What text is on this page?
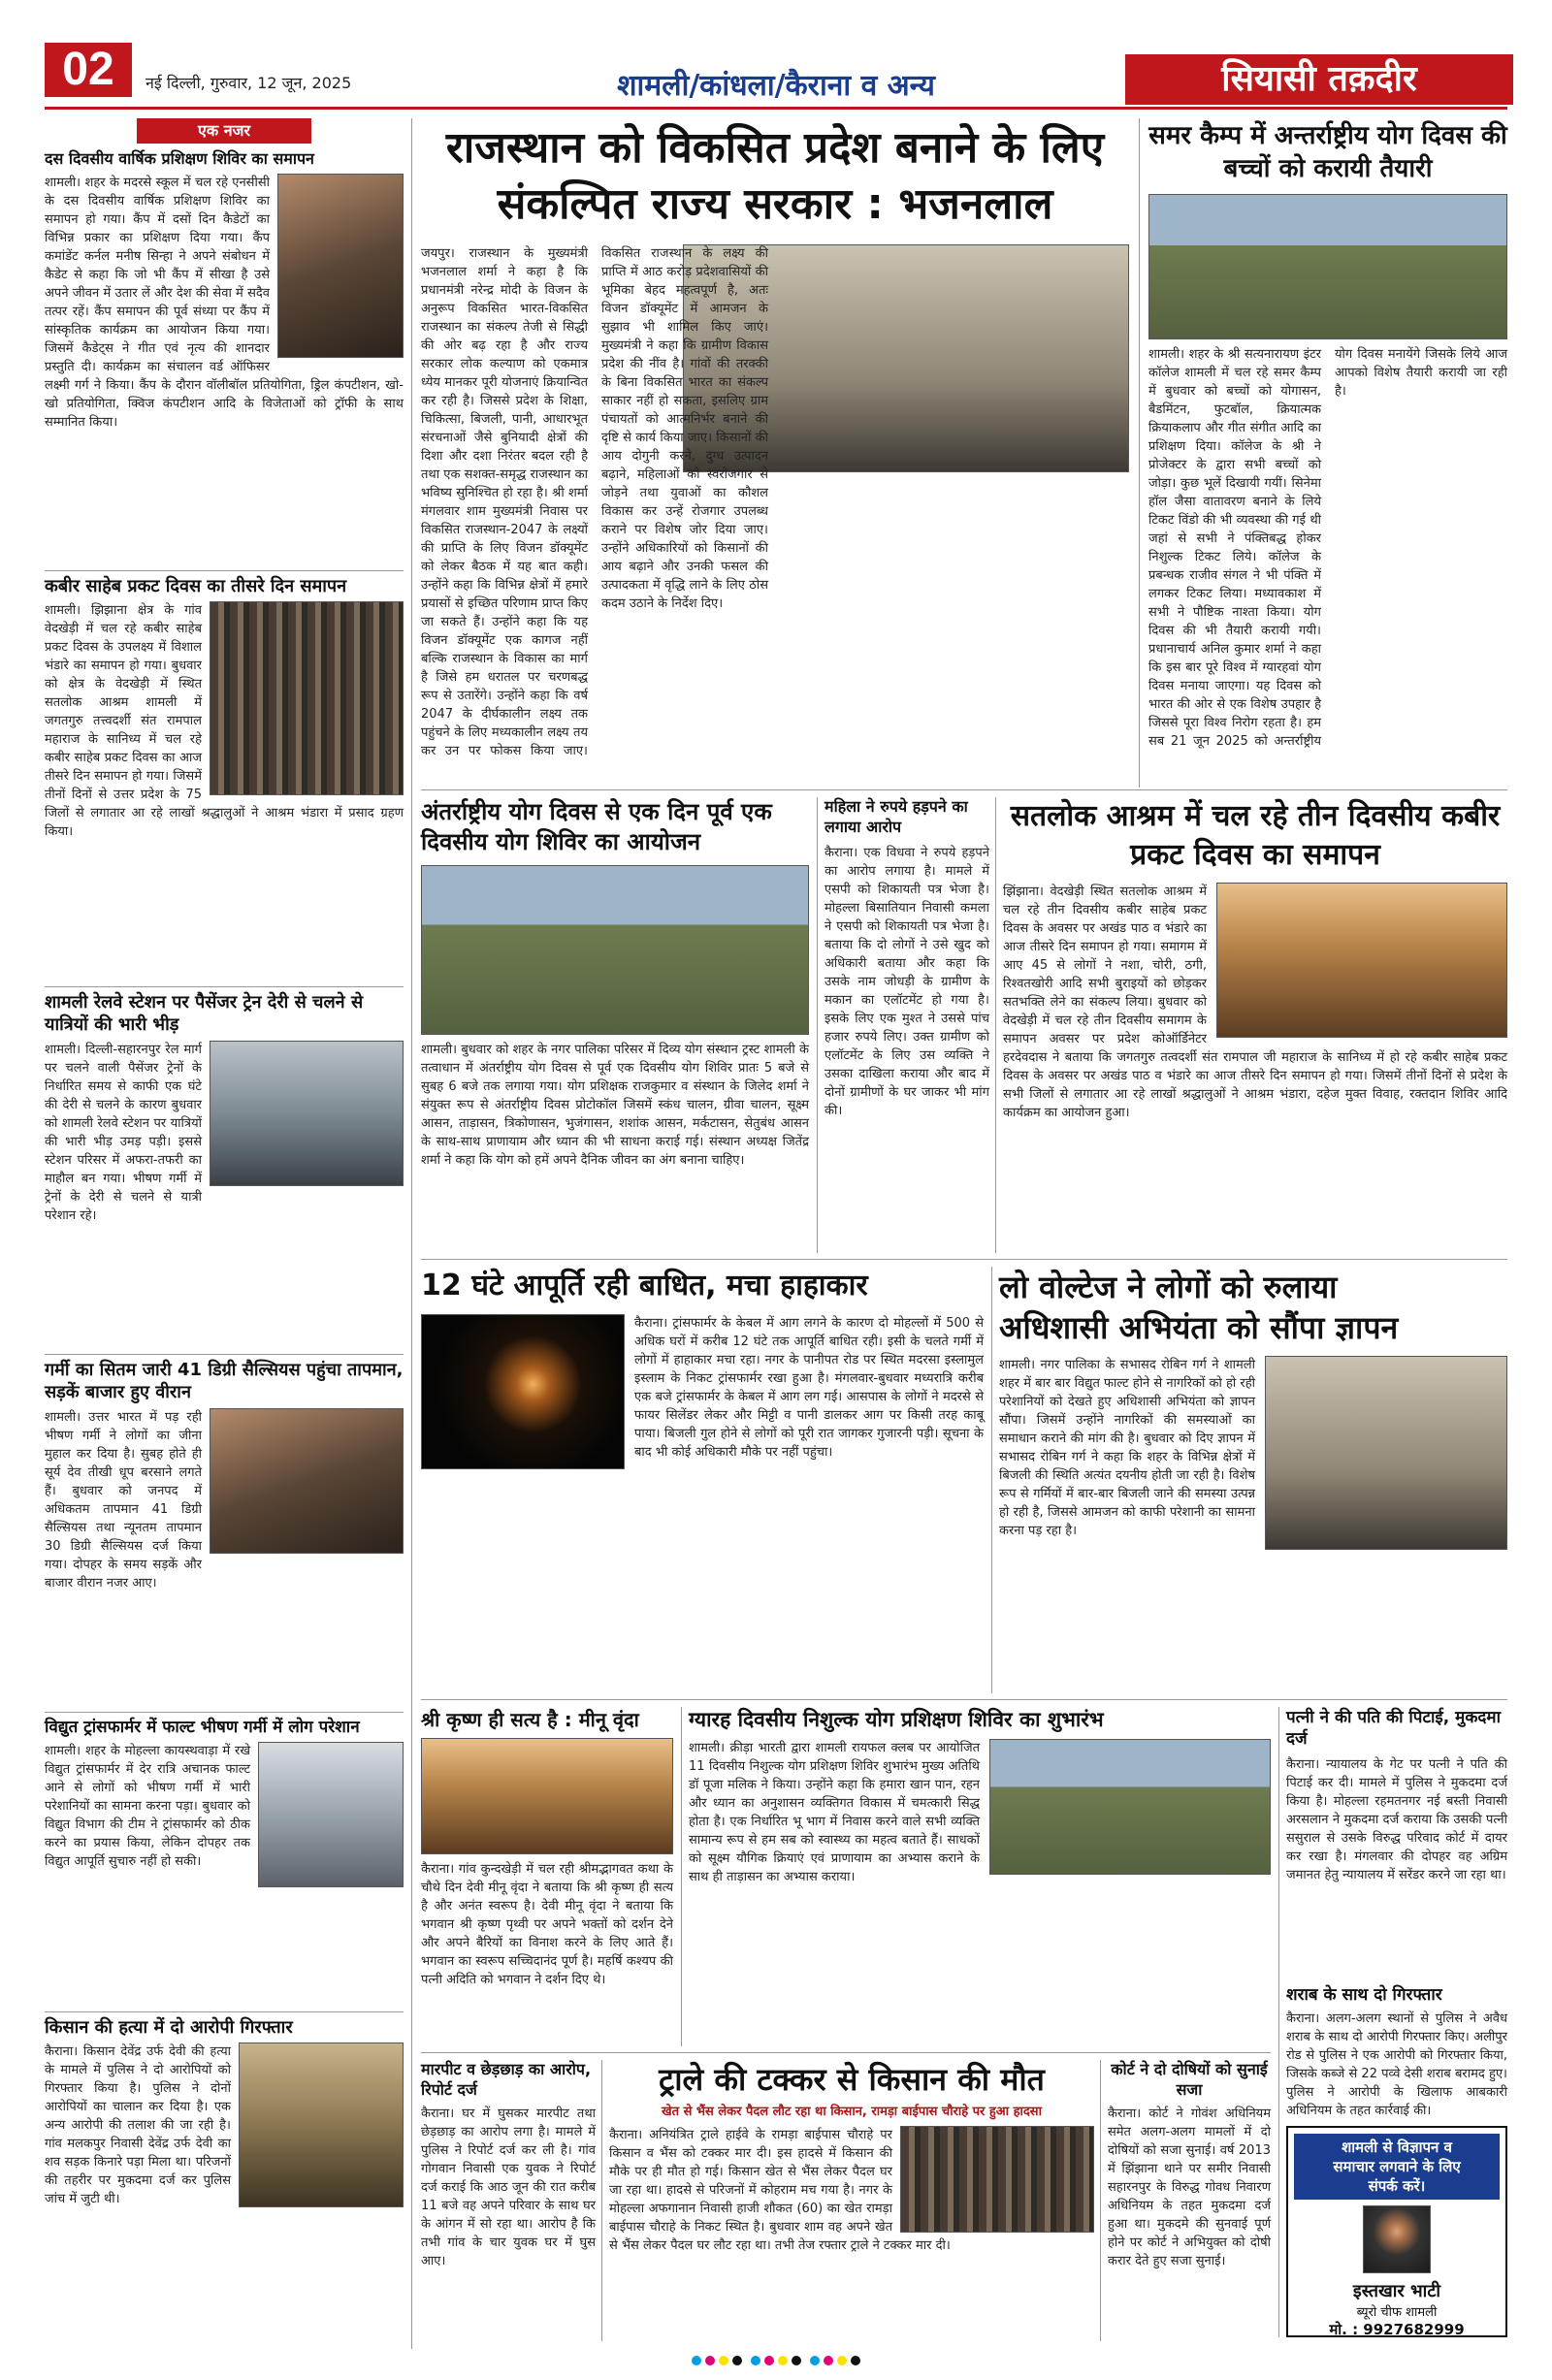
02	नई दिल्ली, गुरुवार, 12 जून, 2025	शामली/कांधला/कैराना व अन्य	सियासी तक़दीर
एक नजर
दस दिवसीय वार्षिक प्रशिक्षण शिविर का समापन
शामली। शहर के मदरसे स्कूल में चल रहे एनसीसी के दस दिवसीय वार्षिक प्रशिक्षण शिविर का समापन हो गया। कैंप में दसों दिन कैडेटों का विभिन्न प्रकार का प्रशिक्षण दिया गया। कैंप कमांडेंट कर्नल मनीष सिन्हा ने अपने संबोधन में कैडेट से कहा कि जो भी कैंप में सीखा है उसे अपने जीवन में उतार लें और देश की सेवा में सदैव तत्पर रहें। कैंप समापन की पूर्व संध्या पर कैंप में सांस्कृतिक कार्यक्रम का आयोजन किया गया। जिसमें कैडेट्स ने गीत एवं नृत्य की शानदार प्रस्तुति दी। कार्यक्रम का संचालन वर्ड ऑफिसर लक्ष्मी गर्ग ने किया। कैंप के दौरान वॉलीबॉल प्रतियोगिता, ड्रिल कंपटीशन, खो-खो प्रतियोगिता, क्विज कंपटीशन आदि के विजेताओं को ट्रॉफी के साथ सम्मानित किया।
कबीर साहेब प्रकट दिवस का तीसरे दिन समापन
शामली। झिझाना क्षेत्र के गांव वेदखेड़ी में चल रहे कबीर साहेब प्रकट दिवस के उपलक्ष्य में विशाल भंडारे का समापन हो गया। बुधवार को क्षेत्र के वेदखेड़ी में स्थित सतलोक आश्रम शामली में जगतगुरु तत्त्वदर्शी संत रामपाल महाराज के सानिध्य में चल रहे कबीर साहेब प्रकट दिवस का आज तीसरे दिन समापन हो गया। जिसमें तीनों दिनों से उत्तर प्रदेश के 75 जिलों से लगातार आ रहे लाखों श्रद्धालुओं ने आश्रम भंडारा में प्रसाद ग्रहण किया।
शामली रेलवे स्टेशन पर पैसेंजर ट्रेन देरी से चलने से यात्रियों की भारी भीड़
शामली। दिल्ली-सहारनपुर रेल मार्ग पर चलने वाली पैसेंजर ट्रेनों के निर्धारित समय से काफी एक घंटे की देरी से चलने के कारण बुधवार को शामली रेलवे स्टेशन पर यात्रियों की भारी भीड़ उमड़ पड़ी। इससे स्टेशन परिसर में अफरा-तफरी का माहौल बन गया। भीषण गर्मी में ट्रेनों के देरी से चलने से यात्री परेशान रहे।
गर्मी का सितम जारी 41 डिग्री सैल्सियस पहुंचा तापमान, सड़कें बाजार हुए वीरान
शामली। उत्तर भारत में पड़ रही भीषण गर्मी ने लोगों का जीना मुहाल कर दिया है। सुबह होते ही सूर्य देव तीखी धूप बरसाने लगते हैं। बुधवार को जनपद में अधिकतम तापमान 41 डिग्री सैल्सियस तथा न्यूनतम तापमान 30 डिग्री सैल्सियस दर्ज किया गया। दोपहर के समय सड़कें और बाजार वीरान नजर आए।
विद्युत ट्रांसफार्मर में फाल्ट भीषण गर्मी में लोग परेशान
शामली। शहर के मोहल्ला कायस्थवाड़ा में रखे विद्युत ट्रांसफार्मर में देर रात्रि अचानक फाल्ट आने से लोगों को भीषण गर्मी में भारी परेशानियों का सामना करना पड़ा। बुधवार को विद्युत विभाग की टीम ने ट्रांसफार्मर को ठीक करने का प्रयास किया, लेकिन दोपहर तक विद्युत आपूर्ति सुचारु नहीं हो सकी।
किसान की हत्या में दो आरोपी गिरफ्तार
कैराना। किसान देवेंद्र उर्फ देवी की हत्या के मामले में पुलिस ने दो आरोपियों को गिरफ्तार किया है। पुलिस ने दोनों आरोपियों का चालान कर दिया है। एक अन्य आरोपी की तलाश की जा रही है। गांव मलकपुर निवासी देवेंद्र उर्फ देवी का शव सड़क किनारे पड़ा मिला था। परिजनों की तहरीर पर मुकदमा दर्ज कर पुलिस जांच में जुटी थी।
राजस्थान को विकसित प्रदेश बनाने के लिए
संकल्पित राज्य सरकार : भजनलाल
जयपुर। राजस्थान के मुख्यमंत्री भजनलाल शर्मा ने कहा है कि प्रधानमंत्री नरेन्द्र मोदी के विजन के अनुरूप विकसित भारत-विकसित राजस्थान का संकल्प तेजी से सिद्धी की ओर बढ़ रहा है और राज्य सरकार लोक कल्याण को एकमात्र ध्येय मानकर पूरी योजनाएं क्रियान्वित कर रही है। जिससे प्रदेश के शिक्षा, चिकित्सा, बिजली, पानी, आधारभूत संरचनाओं जैसे बुनियादी क्षेत्रों की दिशा और दशा निरंतर बदल रही है तथा एक सशक्त-समृद्ध राजस्थान का भविष्य सुनिश्चित हो रहा है। श्री शर्मा मंगलवार शाम मुख्यमंत्री निवास पर विकसित राजस्थान-2047 के लक्ष्यों की प्राप्ति के लिए विजन डॉक्यूमेंट को लेकर बैठक में यह बात कही। उन्होंने कहा कि विभिन्न क्षेत्रों में हमारे प्रयासों से इच्छित परिणाम प्राप्त किए जा सकते हैं। उन्होंने कहा कि यह विजन डॉक्यूमेंट एक कागज नहीं बल्कि राजस्थान के विकास का मार्ग है जिसे हम धरातल पर चरणबद्ध रूप से उतारेंगे। उन्होंने कहा कि वर्ष 2047 के दीर्घकालीन लक्ष्य तक पहुंचने के लिए मध्यकालीन लक्ष्य तय कर उन पर फोकस किया जाए। विकसित राजस्थान के लक्ष्य की प्राप्ति में आठ करोड़ प्रदेशवासियों की भूमिका बेहद महत्वपूर्ण है, अतः विजन डॉक्यूमेंट में आमजन के सुझाव भी शामिल किए जाएं। मुख्यमंत्री ने कहा कि ग्रामीण विकास प्रदेश की नींव है। गांवों की तरक्की के बिना विकसित भारत का संकल्प साकार नहीं हो सकता, इसलिए ग्राम पंचायतों को आत्मनिर्भर बनाने की दृष्टि से कार्य किया जाए। किसानों की आय दोगुनी करने, दुग्ध उत्पादन बढ़ाने, महिलाओं को स्वरोजगार से जोड़ने तथा युवाओं का कौशल विकास कर उन्हें रोजगार उपलब्ध कराने पर विशेष जोर दिया जाए। उन्होंने अधिकारियों को किसानों की आय बढ़ाने और उनकी फसल की उत्पादकता में वृद्धि लाने के लिए ठोस कदम उठाने के निर्देश दिए।
समर कैम्प में अन्तर्राष्ट्रीय योग दिवस की बच्चों को करायी तैयारी
शामली। शहर के श्री सत्यनारायण इंटर कॉलेज शामली में चल रहे समर कैम्प में बुधवार को बच्चों को योगासन, बैडमिंटन, फुटबॉल, क्रियात्मक क्रियाकलाप और गीत संगीत आदि का प्रशिक्षण दिया। कॉलेज के श्री ने प्रोजेक्टर के द्वारा सभी बच्चों को जोड़ा। कुछ भूलें दिखायी गयीं। सिनेमा हॉल जैसा वातावरण बनाने के लिये टिकट विंडो की भी व्यवस्था की गई थी जहां से सभी ने पंक्तिबद्ध होकर निशुल्क टिकट लिये। कॉलेज के प्रबन्धक राजीव संगल ने भी पंक्ति में लगकर टिकट लिया। मध्यावकाश में सभी ने पौष्टिक नाश्ता किया। योग दिवस की भी तैयारी करायी गयी। प्रधानाचार्य अनिल कुमार शर्मा ने कहा कि इस बार पूरे विश्व में ग्यारहवां योग दिवस मनाया जाएगा। यह दिवस को भारत की ओर से एक विशेष उपहार है जिससे पूरा विश्व निरोग रहता है। हम सब 21 जून 2025 को अन्तर्राष्ट्रीय योग दिवस मनायेंगे जिसके लिये आज आपको विशेष तैयारी करायी जा रही है।
अंतर्राष्ट्रीय योग दिवस से एक दिन पूर्व एक दिवसीय योग शिविर का आयोजन
शामली। बुधवार को शहर के नगर पालिका परिसर में दिव्य योग संस्थान ट्रस्ट शामली के तत्वाधान में अंतर्राष्ट्रीय योग दिवस से पूर्व एक दिवसीय योग शिविर प्रातः 5 बजे से सुबह 6 बजे तक लगाया गया। योग प्रशिक्षक राजकुमार व संस्थान के जिलेद शर्मा ने संयुक्त रूप से अंतर्राष्ट्रीय दिवस प्रोटोकॉल जिसमें स्कंध चालन, ग्रीवा चालन, सूक्ष्म आसन, ताड़ासन, त्रिकोणासन, भुजंगासन, शशांक आसन, मर्कटासन, सेतुबंध आसन के साथ-साथ प्राणायाम और ध्यान की भी साधना कराई गई। संस्थान अध्यक्ष जितेंद्र शर्मा ने कहा कि योग को हमें अपने दैनिक जीवन का अंग बनाना चाहिए।
महिला ने रुपये हड़पने का लगाया आरोप
कैराना। एक विधवा ने रुपये हड़पने का आरोप लगाया है। मामले में एसपी को शिकायती पत्र भेजा है। मोहल्ला बिसातियान निवासी कमला ने एसपी को शिकायती पत्र भेजा है। बताया कि दो लोगों ने उसे खुद को अधिकारी बताया और कहा कि उसके नाम जोधड़ी के ग्रामीण के मकान का एलॉटमेंट हो गया है। इसके लिए एक मुश्त ने उससे पांच हजार रुपये लिए। उक्त ग्रामीण को एलॉटमेंट के लिए उस व्यक्ति ने उसका दाखिला कराया और बाद में दोनों ग्रामीणों के घर जाकर भी मांग की।
सतलोक आश्रम में चल रहे तीन दिवसीय कबीर प्रकट दिवस का समापन
झिंझाना। वेदखेड़ी स्थित सतलोक आश्रम में चल रहे तीन दिवसीय कबीर साहेब प्रकट दिवस के अवसर पर अखंड पाठ व भंडारे का आज तीसरे दिन समापन हो गया। समागम में आए 45 से लोगों ने नशा, चोरी, ठगी, रिश्वतखोरी आदि सभी बुराइयों को छोड़कर सतभक्ति लेने का संकल्प लिया। बुधवार को वेदखेड़ी में चल रहे तीन दिवसीय समागम के समापन अवसर पर प्रदेश कोऑर्डिनेटर हरदेवदास ने बताया कि जगतगुरु तत्वदर्शी संत रामपाल जी महाराज के सानिध्य में हो रहे कबीर साहेब प्रकट दिवस के अवसर पर अखंड पाठ व भंडारे का आज तीसरे दिन समापन हो गया। जिसमें तीनों दिनों से प्रदेश के सभी जिलों से लगातार आ रहे लाखों श्रद्धालुओं ने आश्रम भंडारा, दहेज मुक्त विवाह, रक्तदान शिविर आदि कार्यक्रम का आयोजन हुआ।
12 घंटे आपूर्ति रही बाधित, मचा हाहाकार
कैराना। ट्रांसफार्मर के केबल में आग लगने के कारण दो मोहल्लों में 500 से अधिक घरों में करीब 12 घंटे तक आपूर्ति बाधित रही। इसी के चलते गर्मी में लोगों में हाहाकार मचा रहा। नगर के पानीपत रोड पर स्थित मदरसा इस्लामुल इस्लाम के निकट ट्रांसफार्मर रखा हुआ है। मंगलवार-बुधवार मध्यरात्रि करीब एक बजे ट्रांसफार्मर के केबल में आग लग गई। आसपास के लोगों ने मदरसे से फायर सिलेंडर लेकर और मिट्टी व पानी डालकर आग पर किसी तरह काबू पाया। बिजली गुल होने से लोगों को पूरी रात जागकर गुजारनी पड़ी। सूचना के बाद भी कोई अधिकारी मौके पर नहीं पहुंचा।
लो वोल्टेज ने लोगों को रुलाया
अधिशासी अभियंता को सौंपा ज्ञापन
शामली। नगर पालिका के सभासद रोबिन गर्ग ने शामली शहर में बार बार विद्युत फाल्ट होने से नागरिकों को हो रही परेशानियों को देखते हुए अधिशासी अभियंता को ज्ञापन सौंपा। जिसमें उन्होंने नागरिकों की समस्याओं का समाधान कराने की मांग की है। बुधवार को दिए ज्ञापन में सभासद रोबिन गर्ग ने कहा कि शहर के विभिन्न क्षेत्रों में बिजली की स्थिति अत्यंत दयनीय होती जा रही है। विशेष रूप से गर्मियों में बार-बार बिजली जाने की समस्या उत्पन्न हो रही है, जिससे आमजन को काफी परेशानी का सामना करना पड़ रहा है।
श्री कृष्ण ही सत्य है : मीनू वृंदा
कैराना। गांव कुन्दखेड़ी में चल रही श्रीमद्भागवत कथा के चौथे दिन देवी मीनू वृंदा ने बताया कि श्री कृष्ण ही सत्य है और अनंत स्वरूप है। देवी मीनू वृंदा ने बताया कि भगवान श्री कृष्ण पृथ्वी पर अपने भक्तों को दर्शन देने और अपने बैरियों का विनाश करने के लिए आते हैं। भगवान का स्वरूप सच्चिदानंद पूर्ण है। महर्षि कश्यप की पत्नी अदिति को भगवान ने दर्शन दिए थे।
ग्यारह दिवसीय निशुल्क योग प्रशिक्षण शिविर का शुभारंभ
शामली। क्रीड़ा भारती द्वारा शामली रायफल क्लब पर आयोजित 11 दिवसीय निशुल्क योग प्रशिक्षण शिविर शुभारंभ मुख्य अतिथि डॉ पूजा मलिक ने किया। उन्होंने कहा कि हमारा खान पान, रहन और ध्यान का अनुशासन व्यक्तिगत विकास में चमत्कारी सिद्ध होता है। एक निर्धारित भू भाग में निवास करने वाले सभी व्यक्ति सामान्य रूप से हम सब को स्वास्थ्य का महत्व बताते हैं। साधकों को सूक्ष्म यौगिक क्रियाएं एवं प्राणायाम का अभ्यास कराने के साथ ही ताड़ासन का अभ्यास कराया।
पत्नी ने की पति की पिटाई, मुकदमा दर्ज
कैराना। न्यायालय के गेट पर पत्नी ने पति की पिटाई कर दी। मामले में पुलिस ने मुकदमा दर्ज किया है। मोहल्ला रहमतनगर नई बस्ती निवासी अरसलान ने मुकदमा दर्ज कराया कि उसकी पत्नी ससुराल से उसके विरुद्ध परिवाद कोर्ट में दायर कर रखा है। मंगलवार की दोपहर वह अग्रिम जमानत हेतु न्यायालय में सरेंडर करने जा रहा था।
शराब के साथ दो गिरफ्तार
कैराना। अलग-अलग स्थानों से पुलिस ने अवैध शराब के साथ दो आरोपी गिरफ्तार किए। अलीपुर रोड से पुलिस ने एक आरोपी को गिरफ्तार किया, जिसके कब्जे से 22 पव्वे देसी शराब बरामद हुए। पुलिस ने आरोपी के खिलाफ आबकारी अधिनियम के तहत कार्रवाई की।
शामली से विज्ञापन व
समाचार लगवाने के लिए
संपर्क करें।
इस्तखार भाटी
ब्यूरो चीफ शामली
मो. : 9927682999
मारपीट व छेड़छाड़ का आरोप, रिपोर्ट दर्ज
कैराना। घर में घुसकर मारपीट तथा छेड़छाड़ का आरोप लगा है। मामले में पुलिस ने रिपोर्ट दर्ज कर ली है। गांव गोगवान निवासी एक युवक ने रिपोर्ट दर्ज कराई कि आठ जून की रात करीब 11 बजे वह अपने परिवार के साथ घर के आंगन में सो रहा था। आरोप है कि तभी गांव के चार युवक घर में घुस आए।
ट्राले की टक्कर से किसान की मौत
खेत से भैंस लेकर पैदल लौट रहा था किसान, रामड़ा बाईपास चौराहे पर हुआ हादसा
कैराना। अनियंत्रित ट्राले हाईवे के रामड़ा बाईपास चौराहे पर किसान व भैंस को टक्कर मार दी। इस हादसे में किसान की मौके पर ही मौत हो गई। किसान खेत से भैंस लेकर पैदल घर जा रहा था। हादसे से परिजनों में कोहराम मच गया है। नगर के मोहल्ला अफगानान निवासी हाजी शौकत (60) का खेत रामड़ा बाईपास चौराहे के निकट स्थित है। बुधवार शाम वह अपने खेत से भैंस लेकर पैदल घर लौट रहा था। तभी तेज रफ्तार ट्राले ने टक्कर मार दी।
कोर्ट ने दो दोषियों को सुनाई सजा
कैराना। कोर्ट ने गोवंश अधिनियम समेत अलग-अलग मामलों में दो दोषियों को सजा सुनाई। वर्ष 2013 में झिंझाना थाने पर समीर निवासी सहारनपुर के विरुद्ध गोवध निवारण अधिनियम के तहत मुकदमा दर्ज हुआ था। मुकदमे की सुनवाई पूर्ण होने पर कोर्ट ने अभियुक्त को दोषी करार देते हुए सजा सुनाई।
